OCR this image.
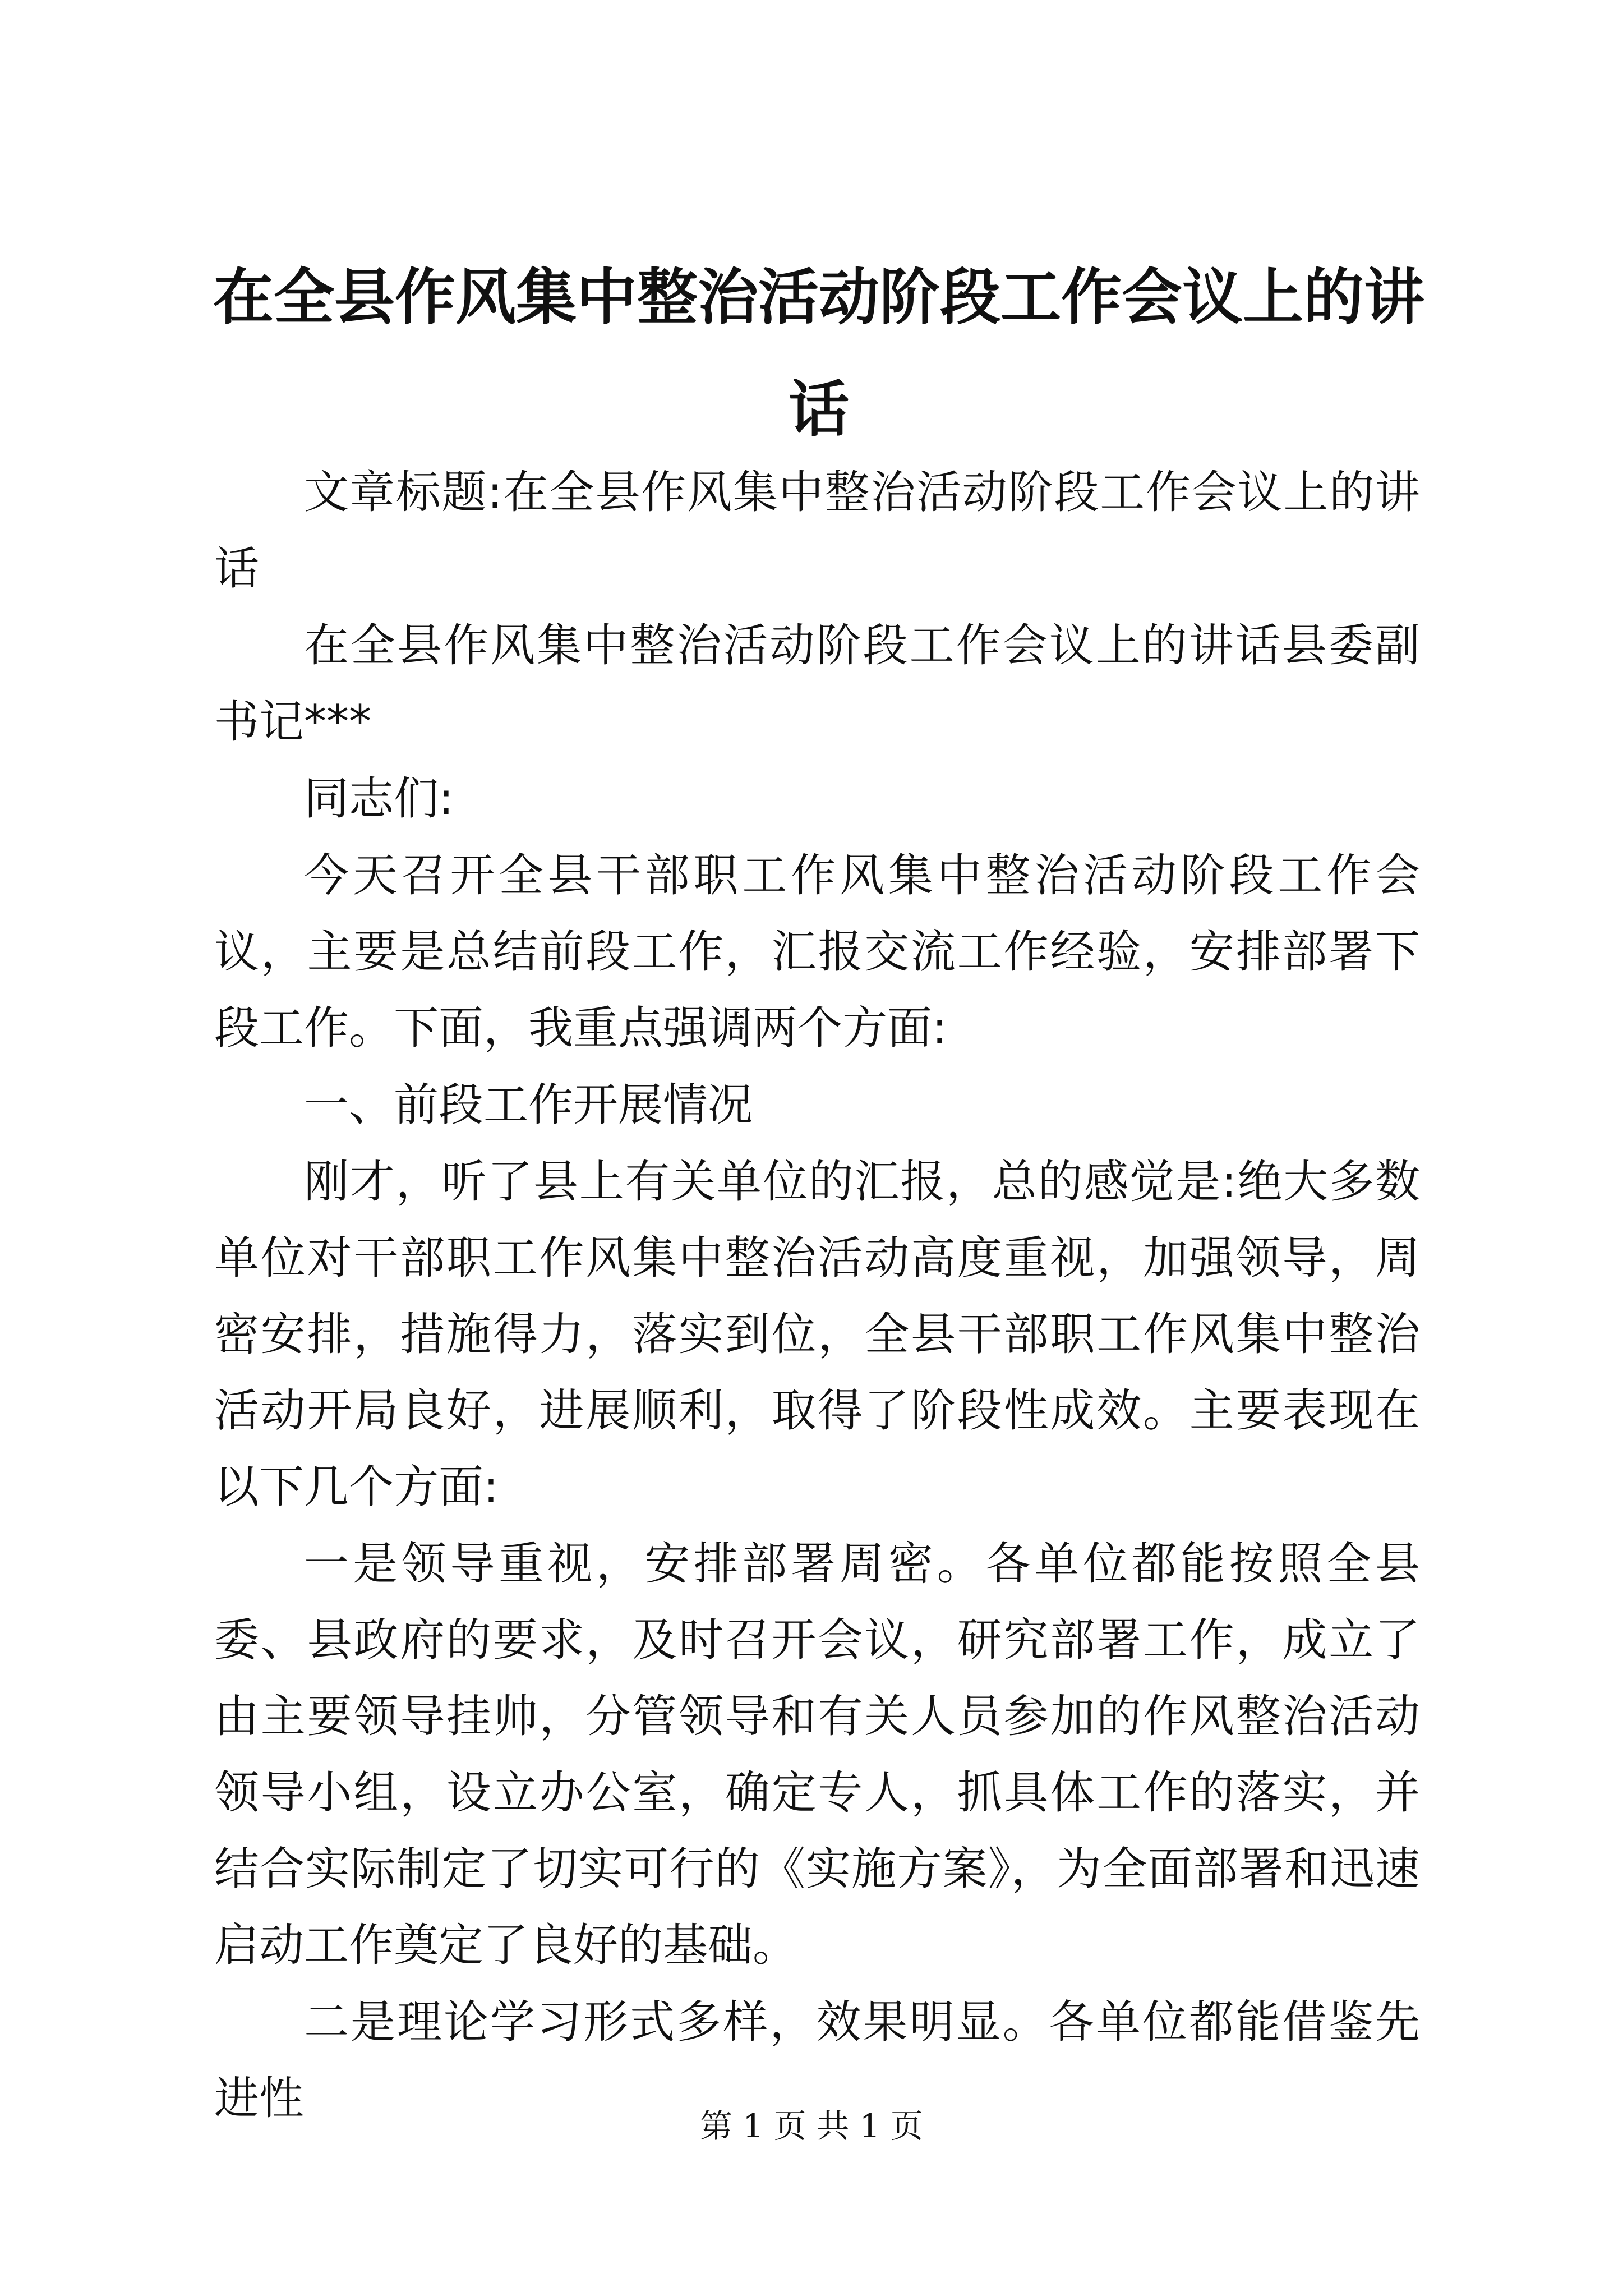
在全县作风集中整治活动阶段工作会议上的讲话

文章标题:在全县作风集中整治活动阶段工作会议上的讲话

在全县作风集中整治活动阶段工作会议上的讲话县委副书记***

同志们:

今天召开全县干部职工作风集中整治活动阶段工作会议，主要是总结前段工作，汇报交流工作经验，安排部署下段工作。下面，我重点强调两个方面:

一、前段工作开展情况

刚才，听了县上有关单位的汇报，总的感觉是:绝大多数单位对干部职工作风集中整治活动高度重视，加强领导，周密安排，措施得力，落实到位，全县干部职工作风集中整治活动开局良好，进展顺利，取得了阶段性成效。主要表现在以下几个方面:

一是领导重视，安排部署周密。各单位都能按照全县委、县政府的要求，及时召开会议，研究部署工作，成立了由主要领导挂帅，分管领导和有关人员参加的作风整治活动领导小组，设立办公室，确定专人，抓具体工作的落实，并结合实际制定了切实可行的《实施方案》，为全面部署和迅速启动工作奠定了良好的基础。

二是理论学习形式多样，效果明显。各单位都能借鉴先进性

第 1 页 共 1 页
